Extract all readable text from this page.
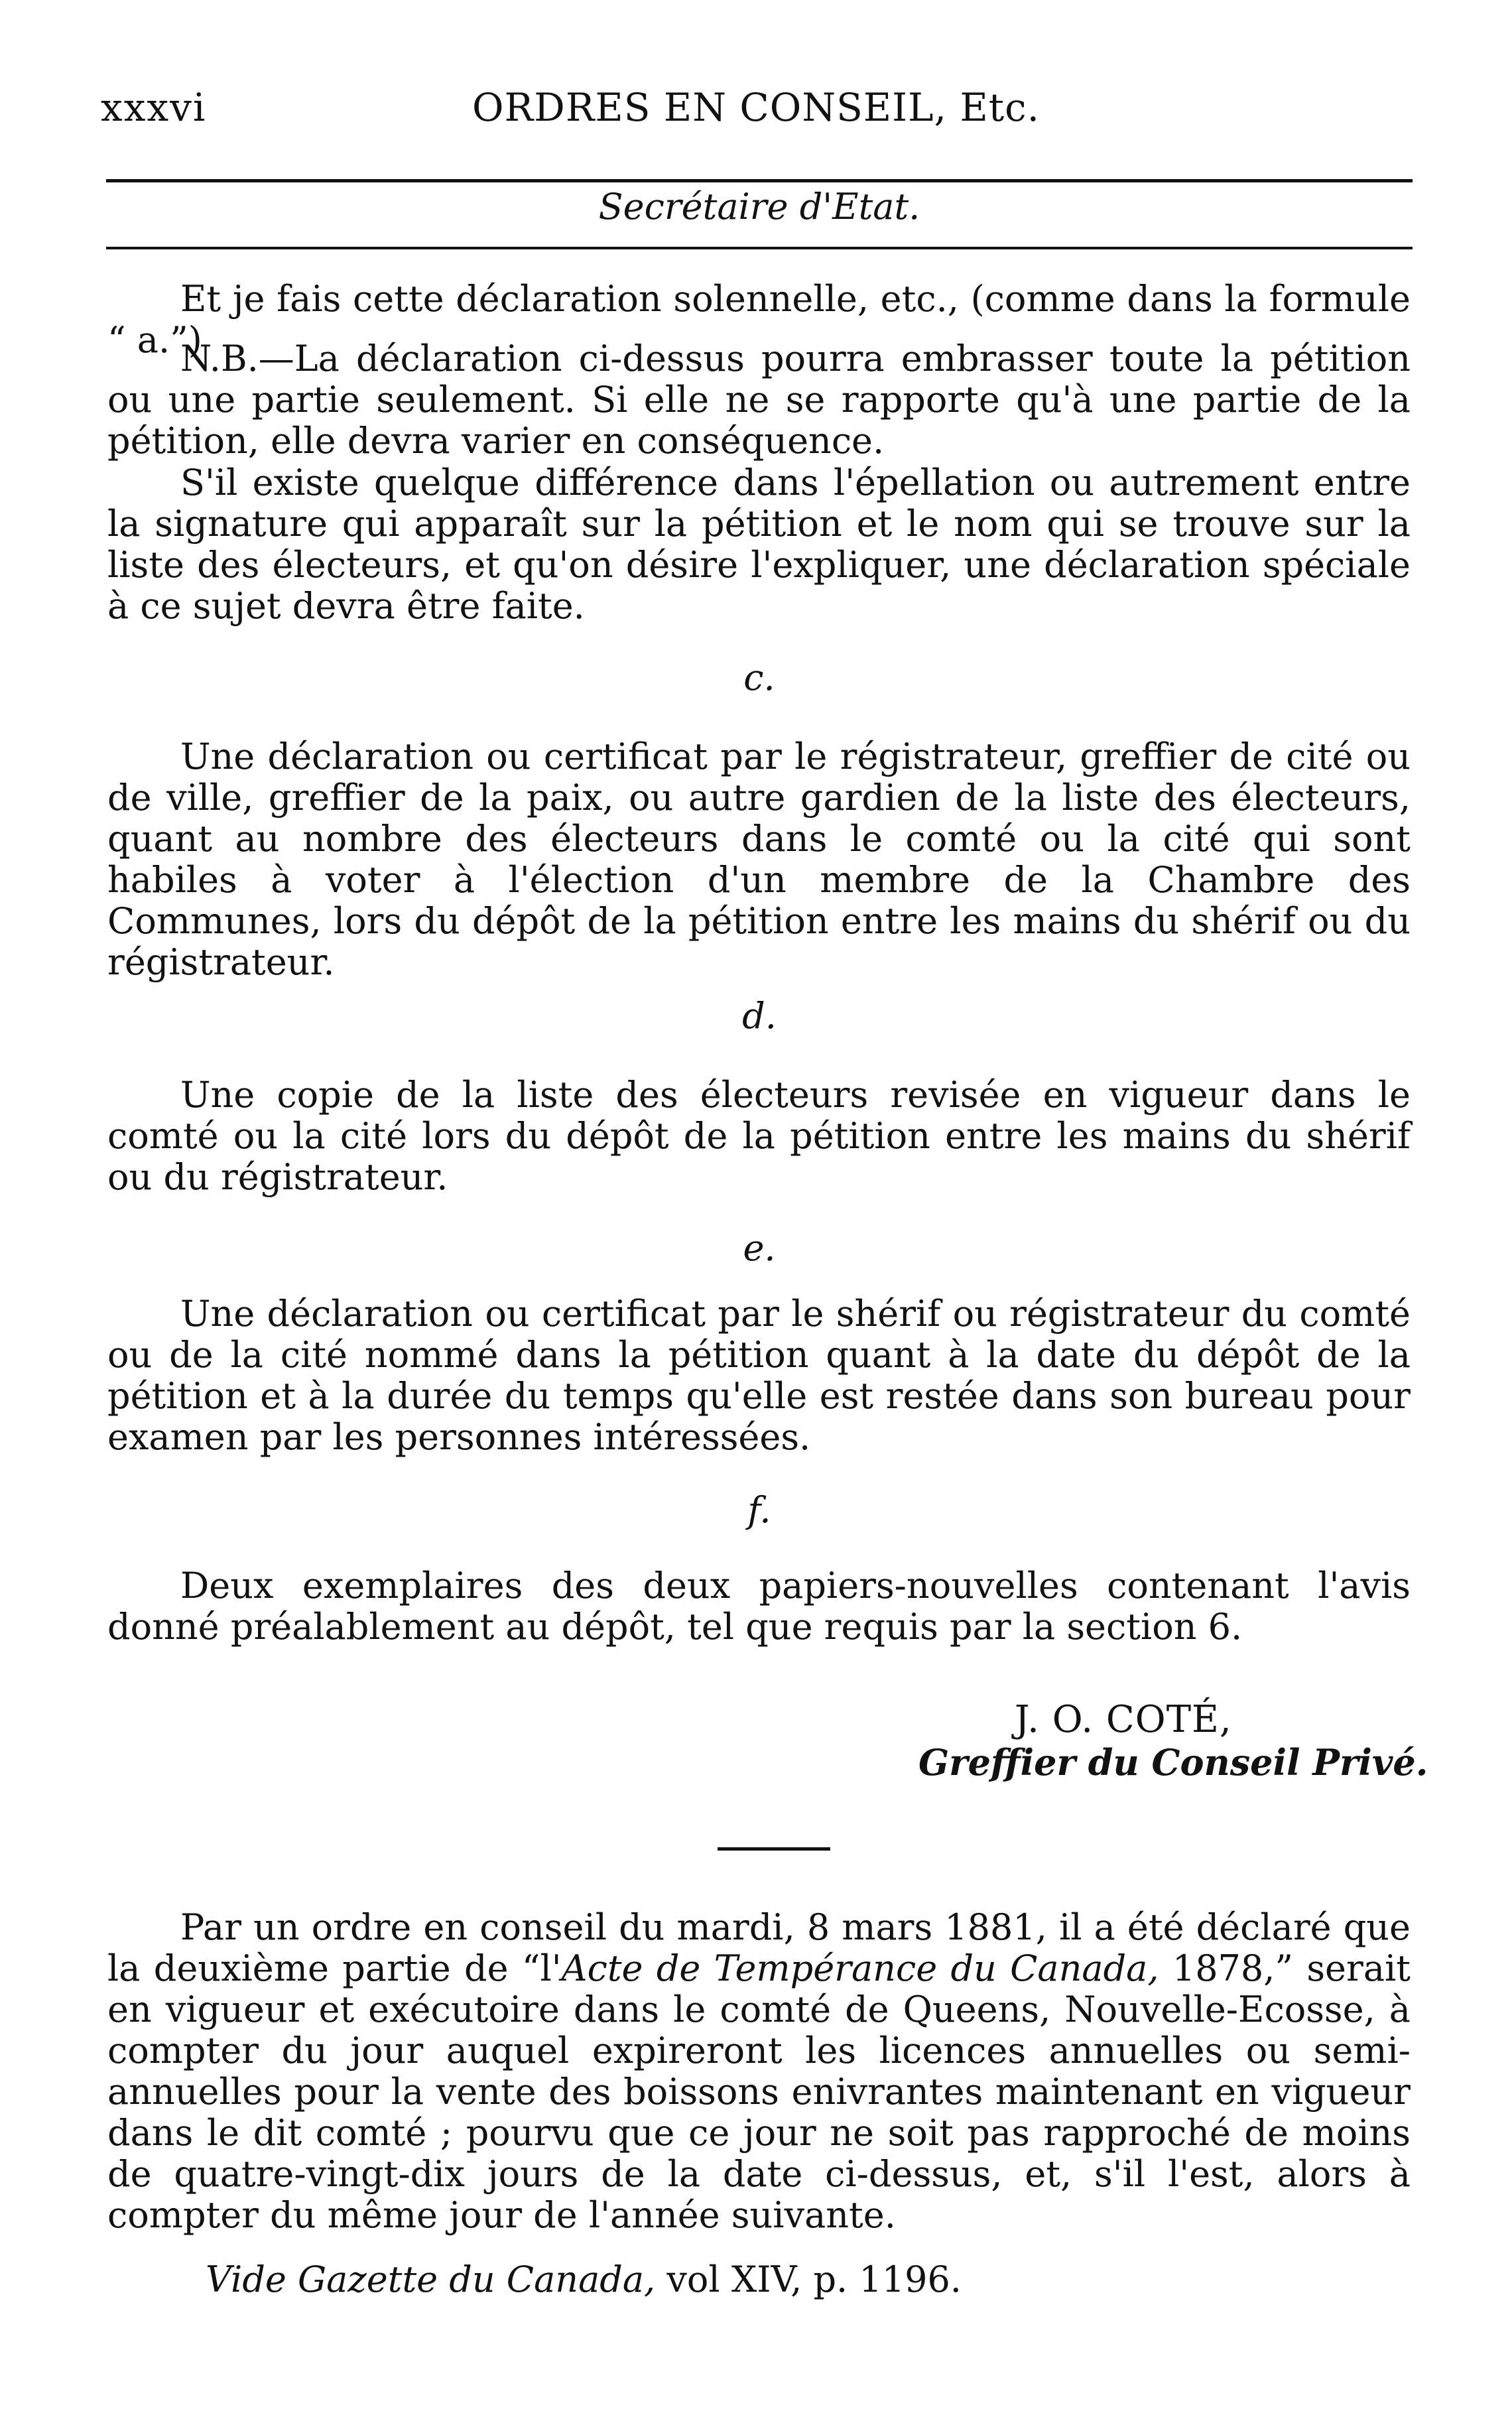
xxxvi	ORDRES EN CONSEIL, Etc.
Secrétaire d'Etat.

Et je fais cette déclaration solennelle, etc., (comme dans la formule “ a.”)

N.B.—La déclaration ci-dessus pourra embrasser toute la pétition ou une partie seulement. Si elle ne se rapporte qu'à une partie de la pétition, elle devra varier en conséquence.

S'il existe quelque différence dans l'épellation ou autrement entre la signature qui apparaît sur la pétition et le nom qui se trouve sur la liste des électeurs, et qu'on désire l'expliquer, une déclaration spéciale à ce sujet devra être faite.

c.

Une déclaration ou certificat par le régistrateur, greffier de cité ou de ville, greffier de la paix, ou autre gardien de la liste des électeurs, quant au nombre des électeurs dans le comté ou la cité qui sont habiles à voter à l'élection d'un membre de la Chambre des Communes, lors du dépôt de la pétition entre les mains du shérif ou du régistrateur.

d.

Une copie de la liste des électeurs revisée en vigueur dans le comté ou la cité lors du dépôt de la pétition entre les mains du shérif ou du régistrateur.

e.

Une déclaration ou certificat par le shérif ou régistrateur du comté ou de la cité nommé dans la pétition quant à la date du dépôt de la pétition et à la durée du temps qu'elle est restée dans son bureau pour examen par les personnes intéressées.

f.

Deux exemplaires des deux papiers-nouvelles contenant l'avis donné préalablement au dépôt, tel que requis par la section 6.

J. O. COTÉ,
Greffier du Conseil Privé.

Par un ordre en conseil du mardi, 8 mars 1881, il a été déclaré que la deuxième partie de “l'Acte de Tempérance du Canada, 1878,” serait en vigueur et exécutoire dans le comté de Queens, Nouvelle-Ecosse, à compter du jour auquel expireront les licences annuelles ou semi-annuelles pour la vente des boissons enivrantes maintenant en vigueur dans le dit comté ; pourvu que ce jour ne soit pas rapproché de moins de quatre-vingt-dix jours de la date ci-dessus, et, s'il l'est, alors à compter du même jour de l'année suivante.

Vide Gazette du Canada, vol XIV, p. 1196.
